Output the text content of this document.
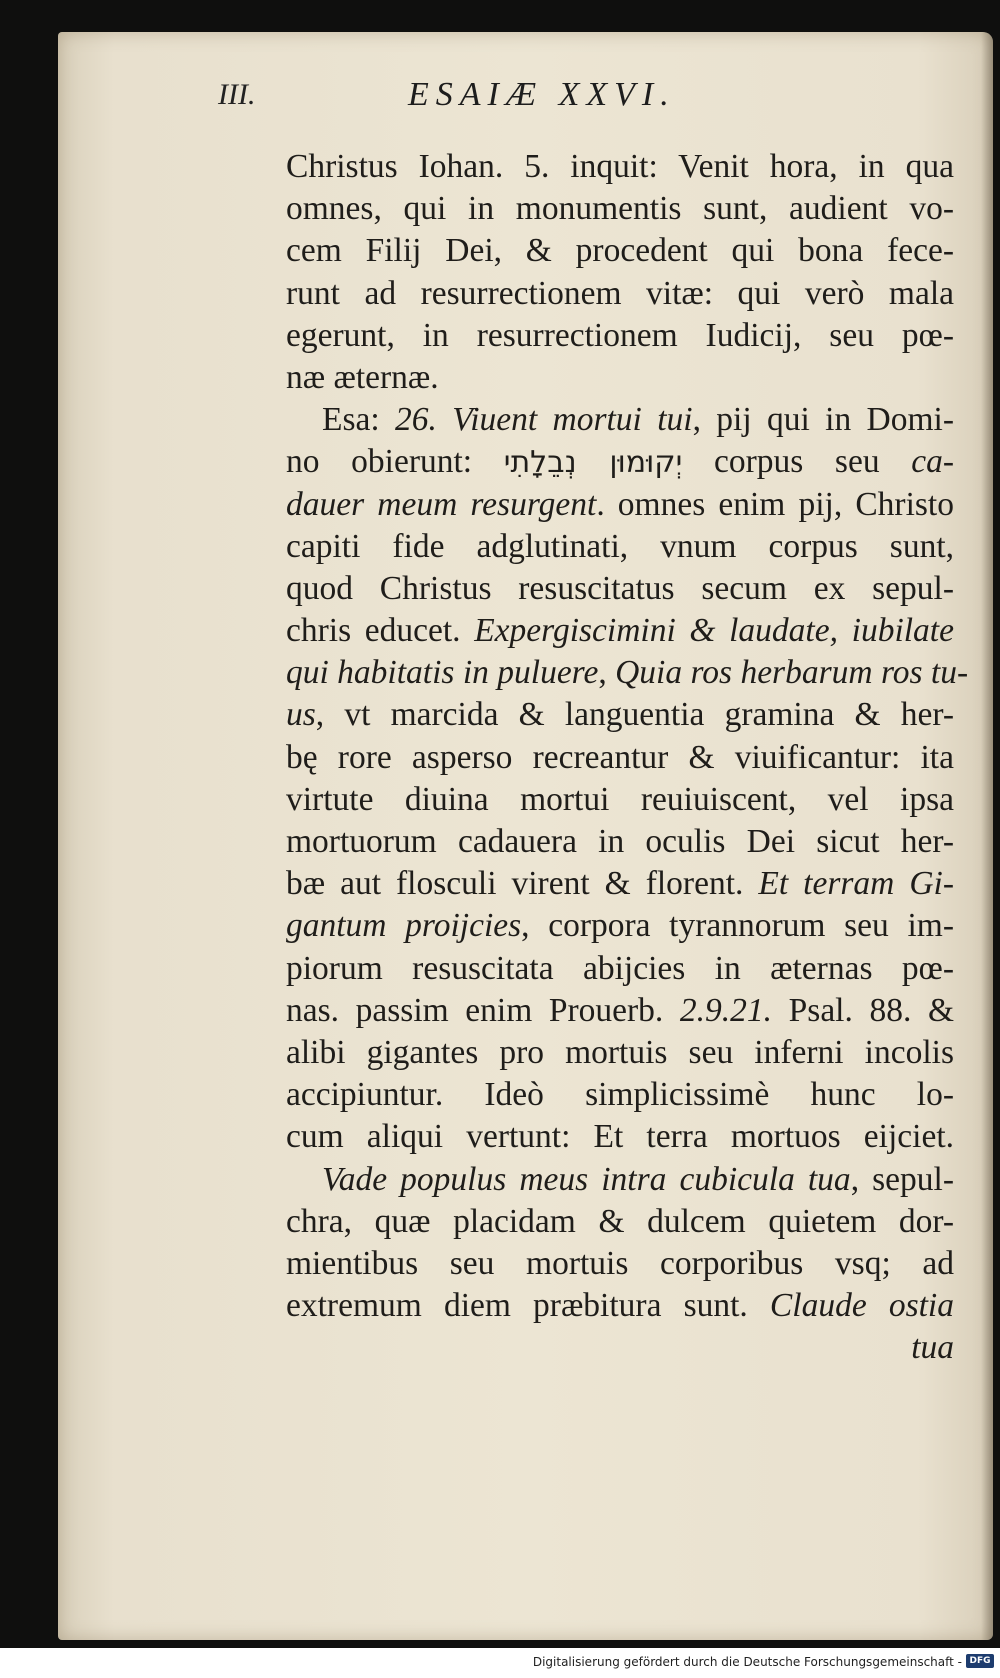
III.	ESAIÆ XXVI.
Christus Iohan. 5. inquit: Venit hora, in qua
omnes, qui in monumentis sunt, audient vo-
cem Filij Dei, & procedent qui bona fece-
runt ad resurrectionem vitæ: qui verò mala
egerunt, in resurrectionem Iudicij, seu pœ-
næ æternæ.
Esa: 26. Viuent mortui tui, pij qui in Domi-
no obierunt: יְקוּמוּן נְבֵלָתִי corpus seu ca-
dauer meum resurgent. omnes enim pij, Christo
capiti fide adglutinati, vnum corpus sunt,
quod Christus resuscitatus secum ex sepul-
chris educet. Expergiscimini & laudate, iubilate
qui habitatis in puluere, Quia ros herbarum ros tu-
us, vt marcida & languentia gramina & her-
bę rore asperso recreantur & viuificantur: ita
virtute diuina mortui reuiuiscent, vel ipsa
mortuorum cadauera in oculis Dei sicut her-
bæ aut flosculi virent & florent. Et terram Gi-
gantum proijcies, corpora tyrannorum seu im-
piorum resuscitata abijcies in æternas pœ-
nas. passim enim Prouerb. 2.9.21. Psal. 88. &
alibi gigantes pro mortuis seu inferni incolis
accipiuntur. Ideò simplicissimè hunc lo-
cum aliqui vertunt: Et terra mortuos eijciet.
Vade populus meus intra cubicula tua, sepul-
chra, quæ placidam & dulcem quietem dor-
mientibus seu mortuis corporibus vsq; ad
extremum diem præbitura sunt. Claude ostia
tua
Digitalisierung gefördert durch die Deutsche Forschungsgemeinschaft - DFG
